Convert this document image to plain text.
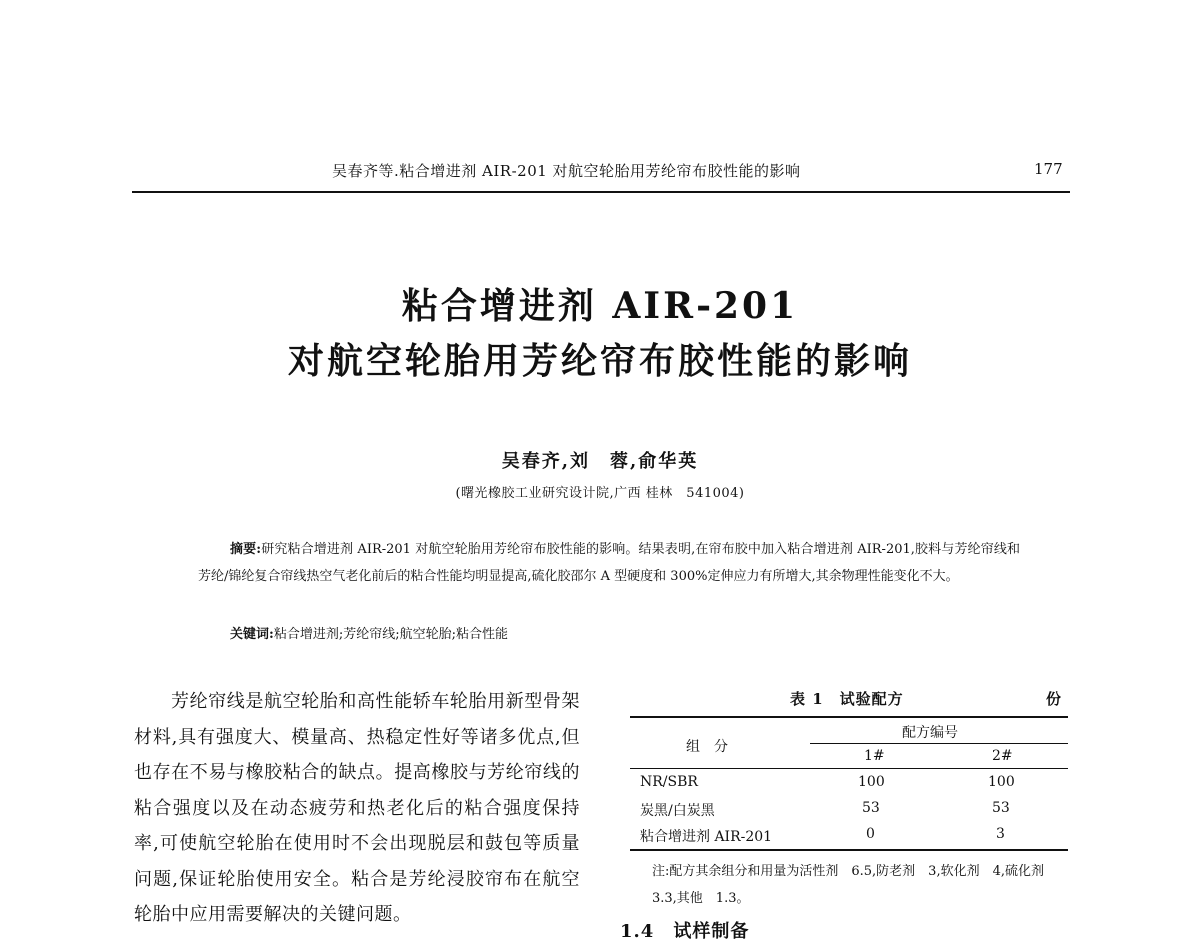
吴春齐等.粘合增进剂 AIR-201 对航空轮胎用芳纶帘布胶性能的影响	177
粘合增进剂 AIR-201
对航空轮胎用芳纶帘布胶性能的影响
吴春齐,刘　蓉,俞华英
(曙光橡胶工业研究设计院,广西 桂林　541004)
摘要:研究粘合增进剂 AIR-201 对航空轮胎用芳纶帘布胶性能的影响。结果表明,在帘布胶中加入粘合增进剂 AIR-201,胶料与芳纶帘线和芳纶/锦纶复合帘线热空气老化前后的粘合性能均明显提高,硫化胶邵尔 A 型硬度和 300%定伸应力有所增大,其余物理性能变化不大。
关键词:粘合增进剂;芳纶帘线;航空轮胎;粘合性能
芳纶帘线是航空轮胎和高性能轿车轮胎用新型骨架材料,具有强度大、模量高、热稳定性好等诸多优点,但也存在不易与橡胶粘合的缺点。提高橡胶与芳纶帘线的粘合强度以及在动态疲劳和热老化后的粘合强度保持率,可使航空轮胎在使用时不会出现脱层和鼓包等质量问题,保证轮胎使用安全。粘合是芳纶浸胶帘布在航空轮胎中应用需要解决的关键问题。
表 1　试验配方	份
组　分
配方编号
1#	2#
NR/SBR	100	100
炭黑/白炭黑	53	53
粘合增进剂 AIR-201	0	3
注:配方其余组分和用量为活性剂　6.5,防老剂　3,软化剂　4,硫化剂　3.3,其他　1.3。
1.4　试样制备
